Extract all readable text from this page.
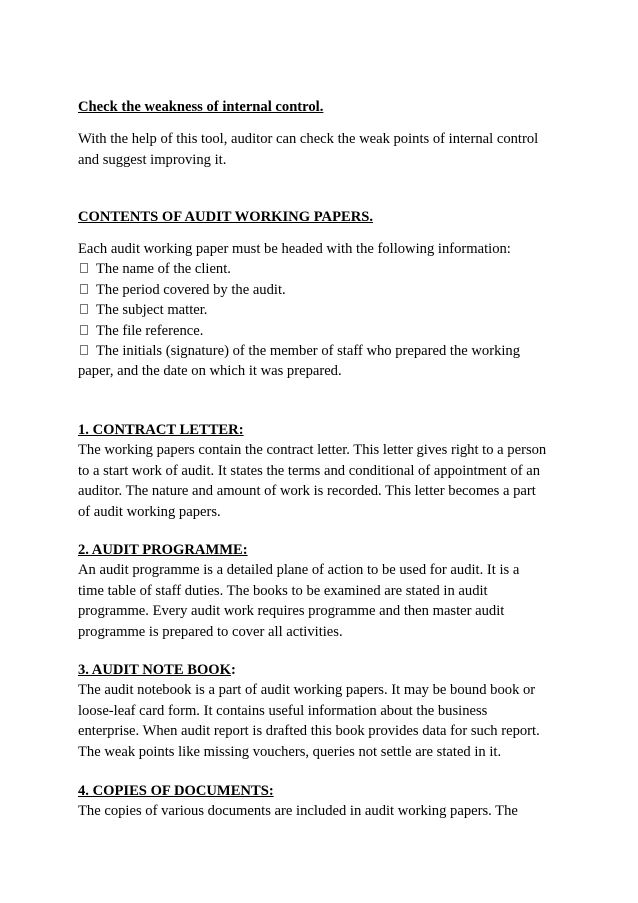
Check the weakness of internal control.
With the help of this tool, auditor can check the weak points of internal control
and suggest improving it.
CONTENTS OF AUDIT WORKING PAPERS.
Each audit working paper must be headed with the following information:
The name of the client.
The period covered by the audit.
The subject matter.
The file reference.
The initials (signature) of the member of staff who prepared the working
paper, and the date on which it was prepared.
1. CONTRACT LETTER:
The working papers contain the contract letter. This letter gives right to a person
to a start work of audit. It states the terms and conditional of appointment of an
auditor. The nature and amount of work is recorded. This letter becomes a part
of audit working papers.
2. AUDIT PROGRAMME:
An audit programme is a detailed plane of action to be used for audit. It is a
time table of staff duties. The books to be examined are stated in audit
programme. Every audit work requires programme and then master audit
programme is prepared to cover all activities.
3. AUDIT NOTE BOOK:
The audit notebook is a part of audit working papers. It may be bound book or
loose-leaf card form. It contains useful information about the business
enterprise. When audit report is drafted this book provides data for such report.
The weak points like missing vouchers, queries not settle are stated in it.
4. COPIES OF DOCUMENTS:
The copies of various documents are included in audit working papers. The
